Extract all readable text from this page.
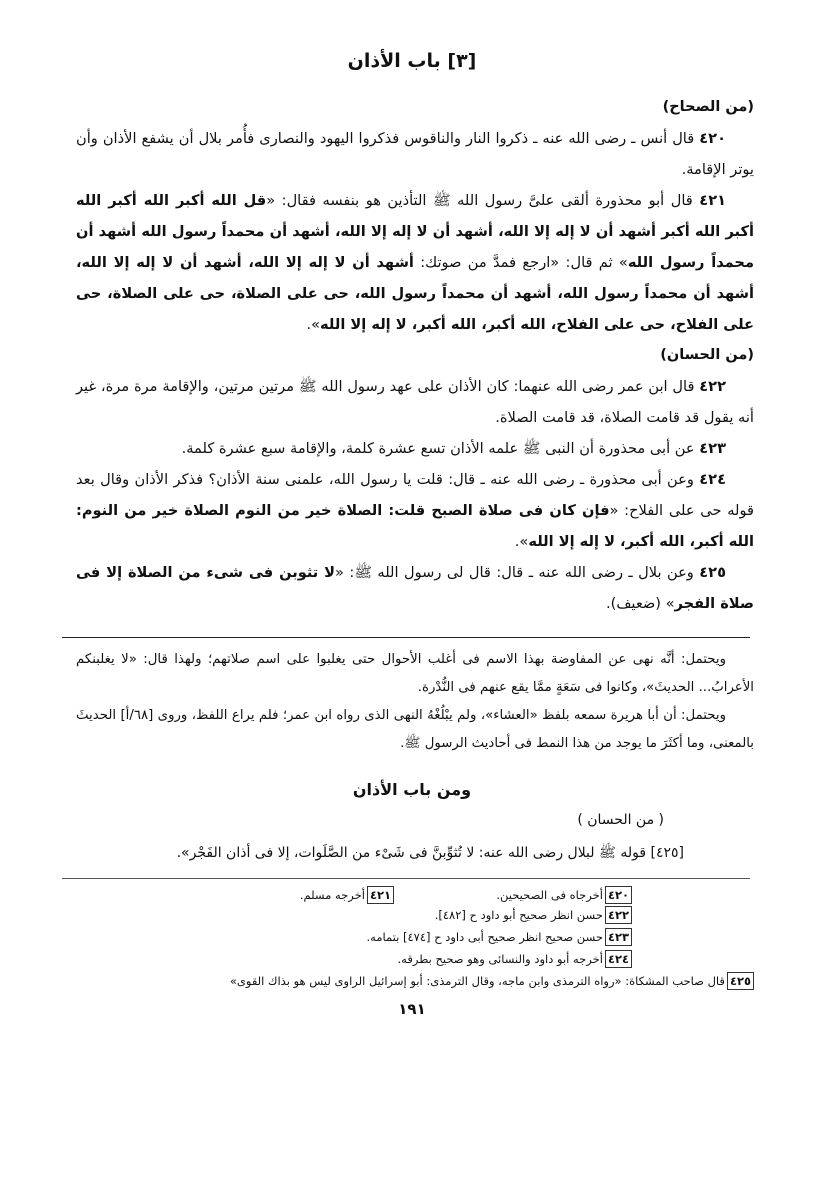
[٣] باب الأذان

(من الصحاح)

٤٢٠ قال أنس ـ رضى الله عنه ـ ذكروا النار والناقوس فذكروا اليهود والنصارى فأُمر بلال أن يشفع الأذان وأن يوتر الإقامة.

٤٢١ قال أبو محذورة ألقى علىَّ رسول الله ﷺ التأذين هو بنفسه فقال: «قل الله أكبر الله أكبر الله أكبر الله أكبر أشهد أن لا إله إلا الله، أشهد أن لا إله إلا الله، أشهد أن محمداً رسول الله أشهد أن محمداً رسول الله» ثم قال: «ارجع فمدَّ من صوتك: أشهد أن لا إله إلا الله، أشهد أن لا إله إلا الله، أشهد أن محمداً رسول الله، أشهد أن محمداً رسول الله، حى على الصلاة، حى على الصلاة، حى على الفلاح، حى على الفلاح، الله أكبر، الله أكبر، لا إله إلا الله».

(من الحسان)

٤٢٢ قال ابن عمر رضى الله عنهما: كان الأذان على عهد رسول الله ﷺ مرتين مرتين، والإقامة مرة مرة، غير أنه يقول قد قامت الصلاة، قد قامت الصلاة.

٤٢٣ عن أبى محذورة أن النبى ﷺ علمه الأذان تسع عشرة كلمة، والإقامة سبع عشرة كلمة.

٤٢٤ وعن أبى محذورة ـ رضى الله عنه ـ قال: قلت يا رسول الله، علمنى سنة الأذان؟ فذكر الأذان وقال بعد قوله حى على الفلاح: «فإن كان فى صلاة الصبح قلت: الصلاة خير من النوم الصلاة خير من النوم: الله أكبر، الله أكبر، لا إله إلا الله».

٤٢٥ وعن بلال ـ رضى الله عنه ـ قال: قال لى رسول الله ﷺ: «لا تثوبن فى شىء من الصلاة إلا فى صلاة الفجر» (ضعيف).

ويحتمل: أنَّه نهى عن المفاوضة بهذا الاسم فى أغلب الأحوال حتى يغلبوا على اسم صلاتهم؛ ولهذا قال: «لا يغلبنكم الأعرابُ... الحديثَ»، وكانوا فى سَعَةٍ ممَّا يقع عنهم فى النُّدْرة.

ويحتمل: أن أبا هريرة سمعه بلفظ «العشاء»، ولم يبْلُغْهُ النهى الذى رواه ابن عمر؛ فلم يراع اللفظ، وروى [٦٨/أ] الحديثَ بالمعنى، وما أكثَرَ ما يوجد من هذا النمط فى أحاديث الرسول ﷺ.

ومن باب الأذان
( من الحسان )
[٤٢٥] قوله ﷺ لبلال رضى الله عنه: لا تُثوِّبنَّ فى شَىْء من الصَّلَوات، إلا فى أذان الفَجْر».
٤٢٠أخرجاه فى الصحيحين.
٤٢١أخرجه مسلم.
٤٢٢حسن انظر صحيح أبو داود ح [٤٨٢].
٤٢٣حسن صحيح انظر صحيح أبى داود ح [٤٧٤] بتمامه.
٤٢٤أخرجه أبو داود والنسائى وهو صحيح بطرقه.
٤٢٥قال صاحب المشكاة: «رواه الترمذى وابن ماجه، وقال الترمذى: أبو إسرائيل الراوى ليس هو بذاك القوى»
١٩١
